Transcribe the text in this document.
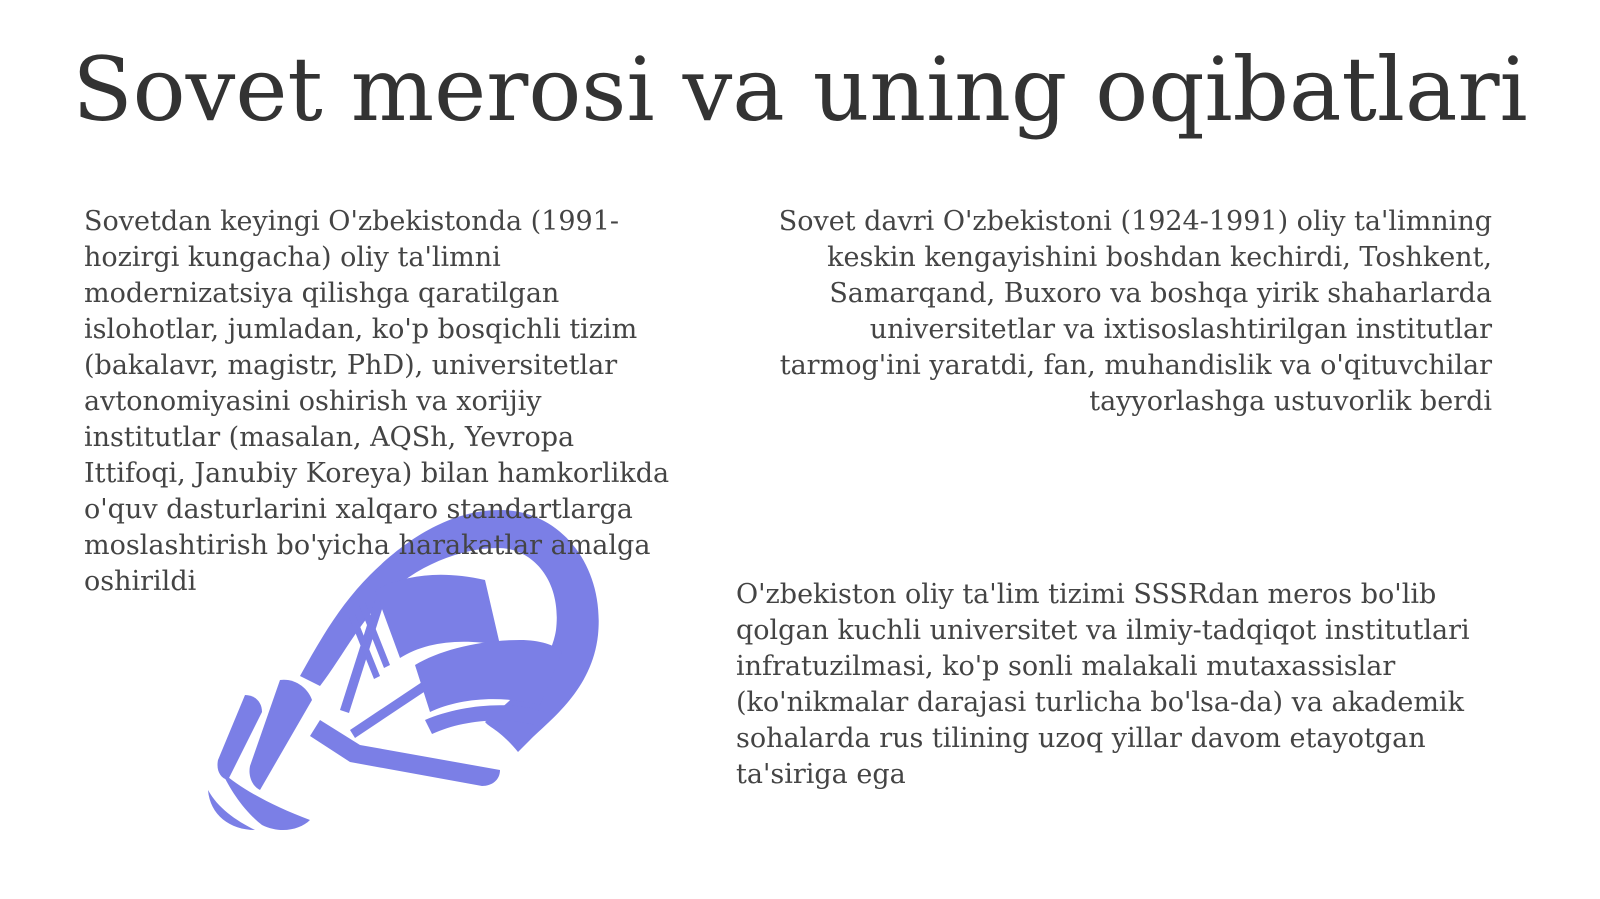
Sovet merosi va uning oqibatlari

Sovetdan keyingi O'zbekistonda (1991-hozirgi kungacha) oliy ta'limni modernizatsiya qilishga qaratilgan islohotlar, jumladan, ko'p bosqichli tizim (bakalavr, magistr, PhD), universitetlar avtonomiyasini oshirish va xorijiy institutlar (masalan, AQSh, Yevropa Ittifoqi, Janubiy Koreya) bilan hamkorlikda o'quv dasturlarini xalqaro standartlarga moslashtirish bo'yicha harakatlar amalga oshirildi

Sovet davri O'zbekistoni (1924-1991) oliy ta'limning keskin kengayishini boshdan kechirdi, Toshkent, Samarqand, Buxoro va boshqa yirik shaharlarda universitetlar va ixtisoslashtirilgan institutlar tarmog'ini yaratdi, fan, muhandislik va o'qituvchilar tayyorlashga ustuvorlik berdi

O'zbekiston oliy ta'lim tizimi SSSRdan meros bo'lib qolgan kuchli universitet va ilmiy-tadqiqot institutlari infratuzilmasi, ko'p sonli malakali mutaxassislar (ko'nikmalar darajasi turlicha bo'lsa-da) va akademik sohalarda rus tilining uzoq yillar davom etayotgan ta'siriga ega
